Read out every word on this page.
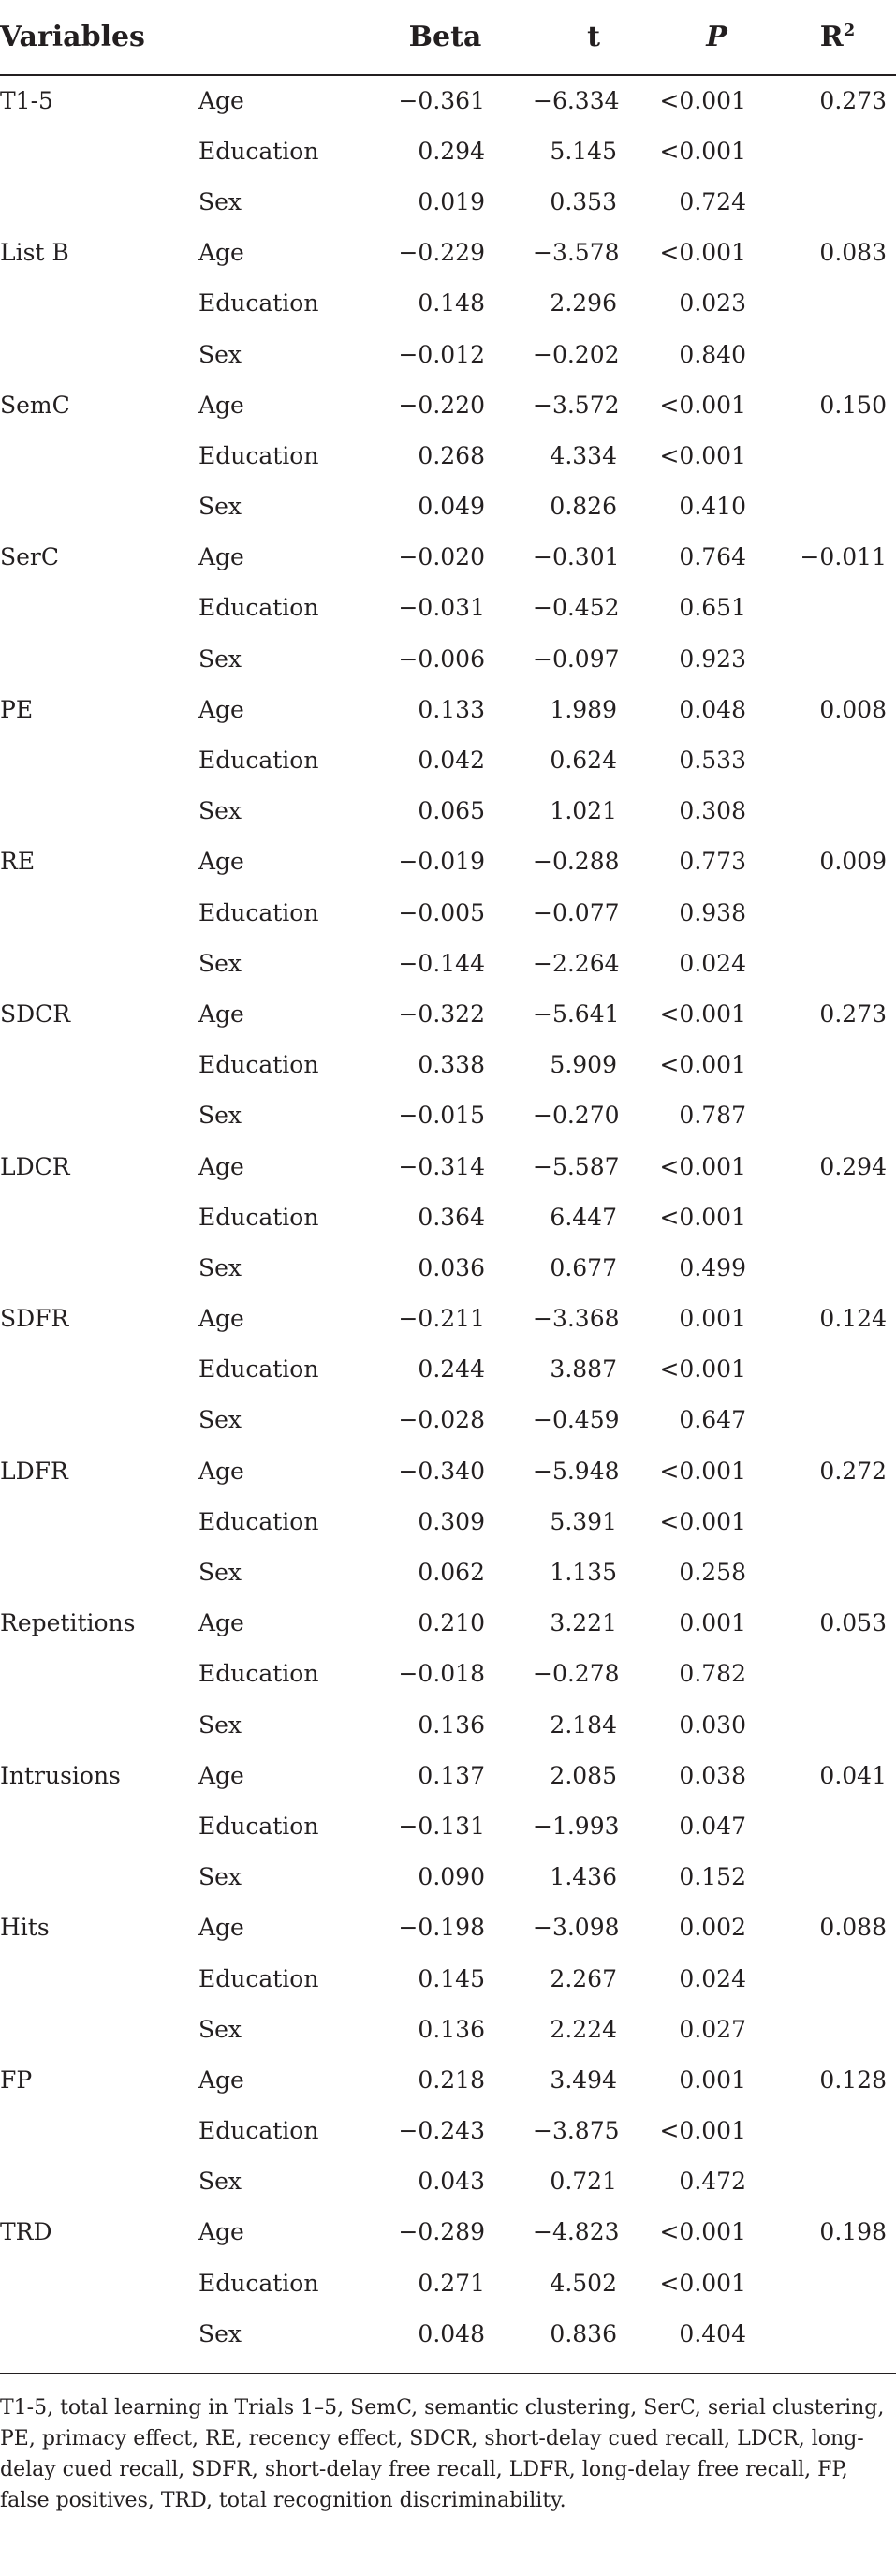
Variables		Beta	t	P	$R^2$
T1-5	Age	−0.361	−6.334	<0.001	0.273
	Education	0.294	5.145	<0.001	
	Sex	0.019	0.353	0.724	
List B	Age	−0.229	−3.578	<0.001	0.083
	Education	0.148	2.296	0.023	
	Sex	−0.012	−0.202	0.840	
SemC	Age	−0.220	−3.572	<0.001	0.150
	Education	0.268	4.334	<0.001	
	Sex	0.049	0.826	0.410	
SerC	Age	−0.020	−0.301	0.764	−0.011
	Education	−0.031	−0.452	0.651	
	Sex	−0.006	−0.097	0.923	
PE	Age	0.133	1.989	0.048	0.008
	Education	0.042	0.624	0.533	
	Sex	0.065	1.021	0.308	
RE	Age	−0.019	−0.288	0.773	0.009
	Education	−0.005	−0.077	0.938	
	Sex	−0.144	−2.264	0.024	
SDCR	Age	−0.322	−5.641	<0.001	0.273
	Education	0.338	5.909	<0.001	
	Sex	−0.015	−0.270	0.787	
LDCR	Age	−0.314	−5.587	<0.001	0.294
	Education	0.364	6.447	<0.001	
	Sex	0.036	0.677	0.499	
SDFR	Age	−0.211	−3.368	0.001	0.124
	Education	0.244	3.887	<0.001	
	Sex	−0.028	−0.459	0.647	
LDFR	Age	−0.340	−5.948	<0.001	0.272
	Education	0.309	5.391	<0.001	
	Sex	0.062	1.135	0.258	
Repetitions	Age	0.210	3.221	0.001	0.053
	Education	−0.018	−0.278	0.782	
	Sex	0.136	2.184	0.030	
Intrusions	Age	0.137	2.085	0.038	0.041
	Education	−0.131	−1.993	0.047	
	Sex	0.090	1.436	0.152	
Hits	Age	−0.198	−3.098	0.002	0.088
	Education	0.145	2.267	0.024	
	Sex	0.136	2.224	0.027	
FP	Age	0.218	3.494	0.001	0.128
	Education	−0.243	−3.875	<0.001	
	Sex	0.043	0.721	0.472	
TRD	Age	−0.289	−4.823	<0.001	0.198
	Education	0.271	4.502	<0.001	
	Sex	0.048	0.836	0.404	
T1-5, total learning in Trials 1–5, SemC, semantic clustering, SerC, serial clustering, PE, primacy effect, RE, recency effect, SDCR, short-delay cued recall, LDCR, long-delay cued recall, SDFR, short-delay free recall, LDFR, long-delay free recall, FP, false positives, TRD, total recognition discriminability.
